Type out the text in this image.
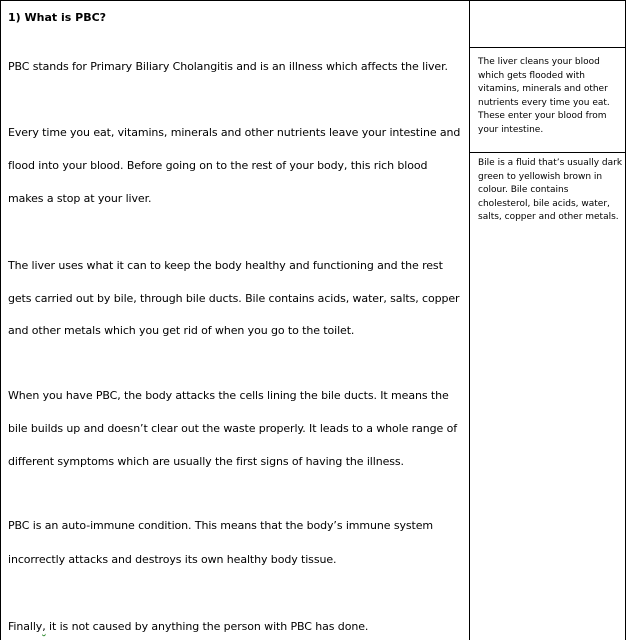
1) What is PBC?
PBC stands for Primary Biliary Cholangitis and is an illness which affects the liver.
Every time you eat, vitamins, minerals and other nutrients leave your intestine and
flood into your blood. Before going on to the rest of your body, this rich blood
makes a stop at your liver.
The liver uses what it can to keep the body healthy and functioning and the rest
gets carried out by bile, through bile ducts. Bile contains acids, water, salts, copper
and other metals which you get rid of when you go to the toilet.
When you have PBC, the body attacks the cells lining the bile ducts. It means the
bile builds up and doesn’t clear out the waste properly. It leads to a whole range of
different symptoms which are usually the first signs of having the illness.
PBC is an auto-immune condition. This means that the body’s immune system
incorrectly attacks and destroys its own healthy body tissue.
Finally, it is not caused by anything the person with PBC has done.
The liver cleans your blood
which gets flooded with
vitamins, minerals and other
nutrients every time you eat.
These enter your blood from
your intestine.
Bile is a fluid that’s usually dark
green to yellowish brown in
colour. Bile contains
cholesterol, bile acids, water,
salts, copper and other metals.
